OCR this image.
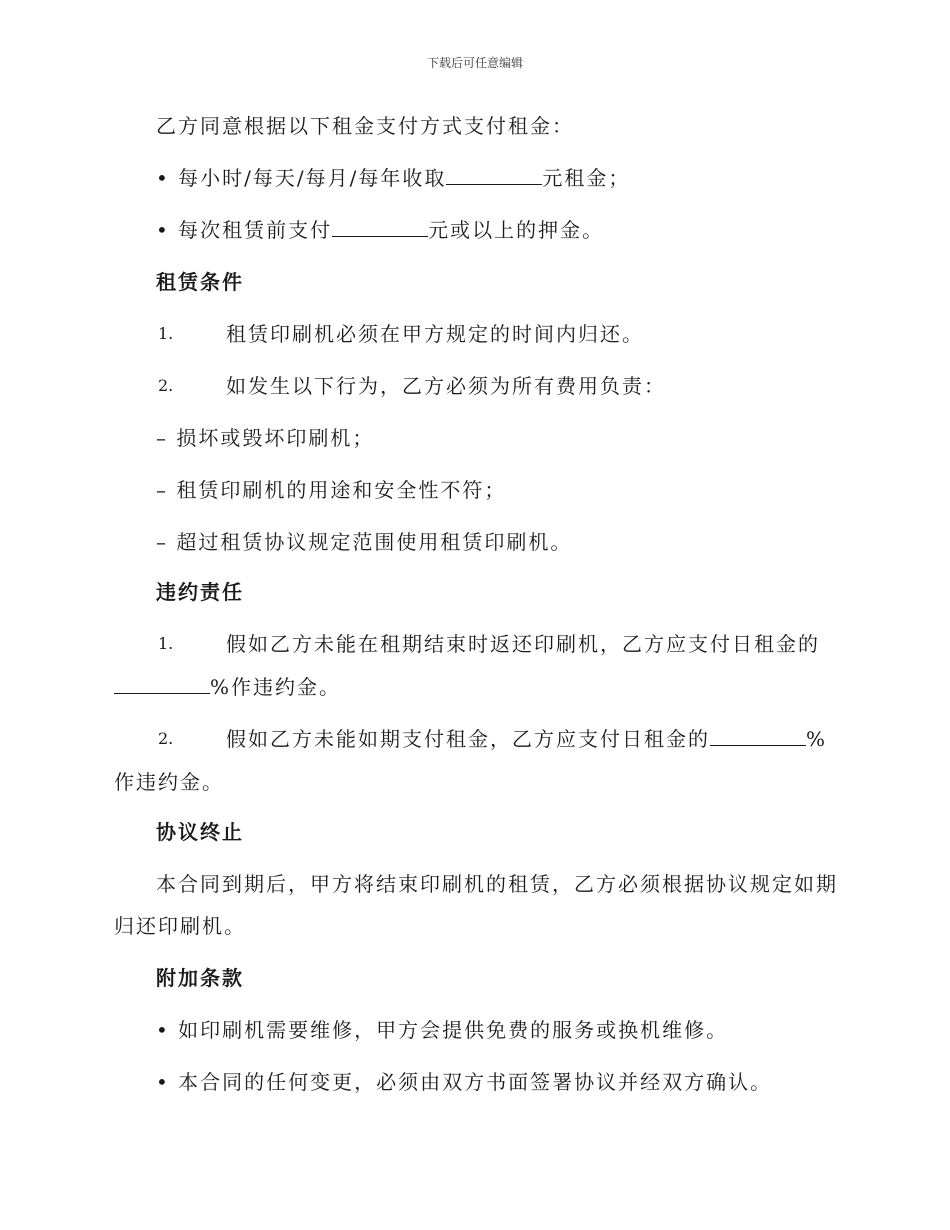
下载后可任意编辑
乙方同意根据以下租金支付方式支付租金：
• 每小时/每天/每月/每年收取	元租金；
• 每次租赁前支付	元或以上的押金。
租赁条件
1.	租赁印刷机必须在甲方规定的时间内归还。
2.	如发生以下行为，乙方必须为所有费用负责：
– 损坏或毁坏印刷机；
– 租赁印刷机的用途和安全性不符；
– 超过租赁协议规定范围使用租赁印刷机。
违约责任
1.	假如乙方未能在租期结束时返还印刷机，乙方应支付日租金的
%作违约金。
2.	假如乙方未能如期支付租金，乙方应支付日租金的	%
作违约金。
协议终止
本合同到期后，甲方将结束印刷机的租赁，乙方必须根据协议规定如期
归还印刷机。
附加条款
• 如印刷机需要维修，甲方会提供免费的服务或换机维修。
• 本合同的任何变更，必须由双方书面签署协议并经双方确认。
